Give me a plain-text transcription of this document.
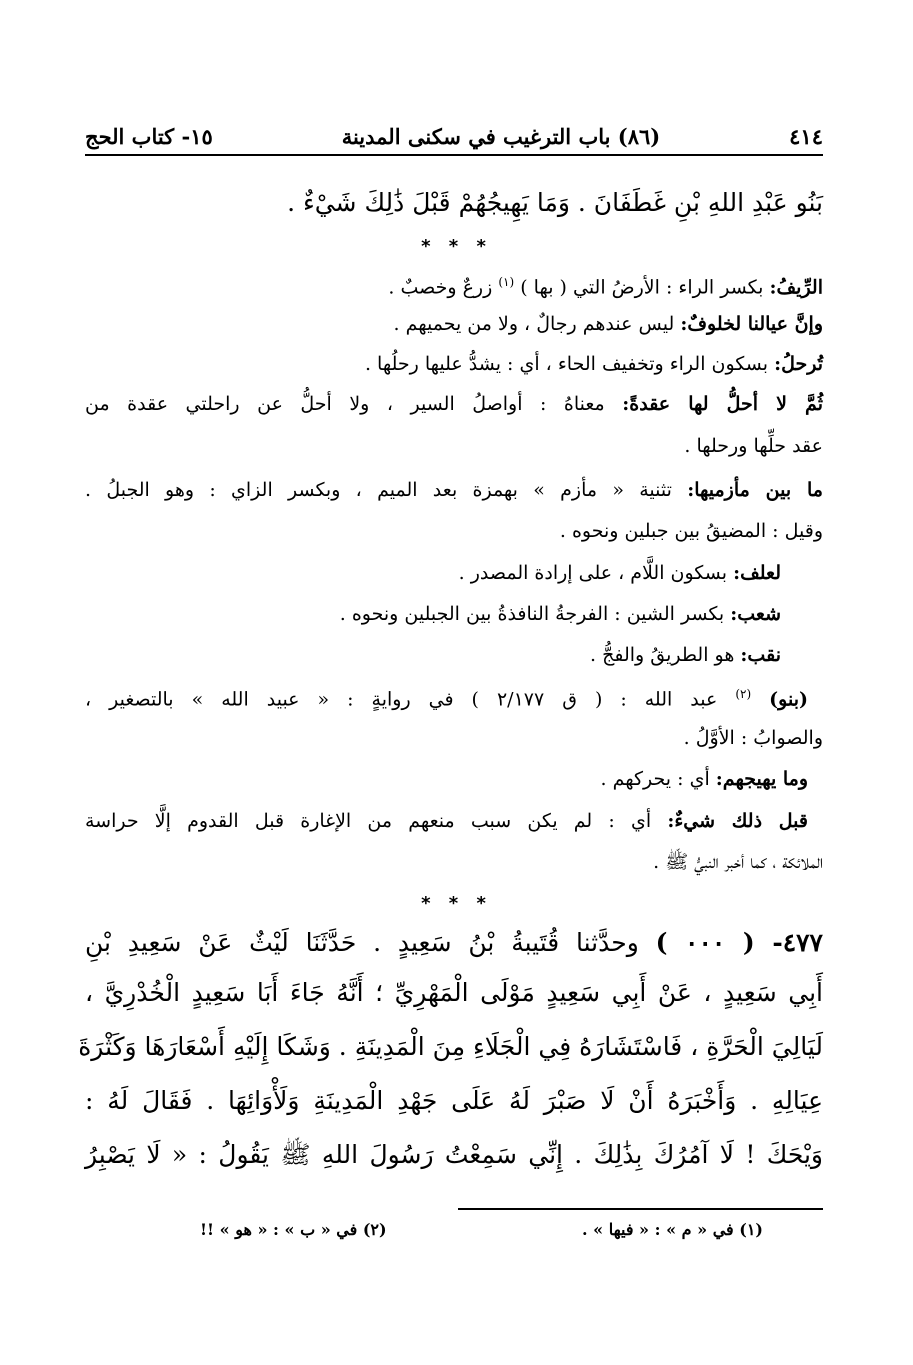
٤١٤
(٨٦) باب الترغيب في سكنى المدينة
١٥- كتاب الحج
بَنُو عَبْدِ اللهِ بْنِ غَطَفَانَ . وَمَا يَهِيجُهُمْ قَبْلَ ذَٰلِكَ شَيْءٌ .
* * *
الرِّيفُ: بكسر الراء : الأرضُ التي ( بها ) $^{(١)}$ زرعٌ وخصبٌ .
وإنَّ عيالنا لخلوفٌ: ليس عندهم رجالٌ ، ولا من يحميهم .
تُرحلُ: بسكون الراء وتخفيف الحاء ، أي : يشدُّ عليها رحلُها .
ثُمَّ لا أحلُّ لها عقدةً: معناهُ : أواصلُ السير ، ولا أحلُّ عن راحلتي عقدة من
عقد حلِّها ورحلها .
ما بين مأزميها: تثنية « مأزم » بهمزة بعد الميم ، وبكسر الزاي : وهو الجبلُ .
وقيل : المضيقُ بين جبلين ونحوه .
لعلف: بسكون اللَّام ، على إرادة المصدر .
شعب: بكسر الشين : الفرجةُ النافذةُ بين الجبلين ونحوه .
نقب: هو الطريقُ والفجُّ .
(بنو) $^{(٢)}$ عبد الله : ( ق ٢/١٧٧ ) في روايةٍ : « عبيد الله » بالتصغير ،
والصوابُ : الأوَّلُ .
وما يهيجهم: أي : يحركهم .
قبل ذلك شيءٌ: أي : لم يكن سبب منعهم من الإغارة قبل القدوم إلَّا حراسة
الملائكة ، كما أخبر النبيُّ ﷺ .
* * *
٤٧٧- ( ٠٠٠ ) وحدَّثنا قُتَيبةُ بْنُ سَعِيدٍ . حَدَّثَنَا لَيْثٌ عَنْ سَعِيدِ بْنِ
أَبِي سَعِيدٍ ، عَنْ أَبِي سَعِيدٍ مَوْلَى الْمَهْرِيِّ ؛ أَنَّهُ جَاءَ أَبَا سَعِيدٍ الْخُدْرِيَّ ،
لَيَالِيَ الْحَرَّةِ ، فَاسْتَشَارَهُ فِي الْجَلَاءِ مِنَ الْمَدِينَةِ . وَشَكَا إِلَيْهِ أَسْعَارَهَا وَكَثْرَةَ
عِيَالِهِ . وَأَخْبَرَهُ أَنْ لَا صَبْرَ لَهُ عَلَى جَهْدِ الْمَدِينَةِ وَلَأْوَائِهَا . فَقَالَ لَهُ :
وَيْحَكَ ! لَا آمُرُكَ بِذَٰلِكَ . إِنِّي سَمِعْتُ رَسُولَ اللهِ ﷺ يَقُولُ : « لَا يَصْبِرُ
(١) في « م » : « فيها » .
(٢) في « ب » : « هو » !!
